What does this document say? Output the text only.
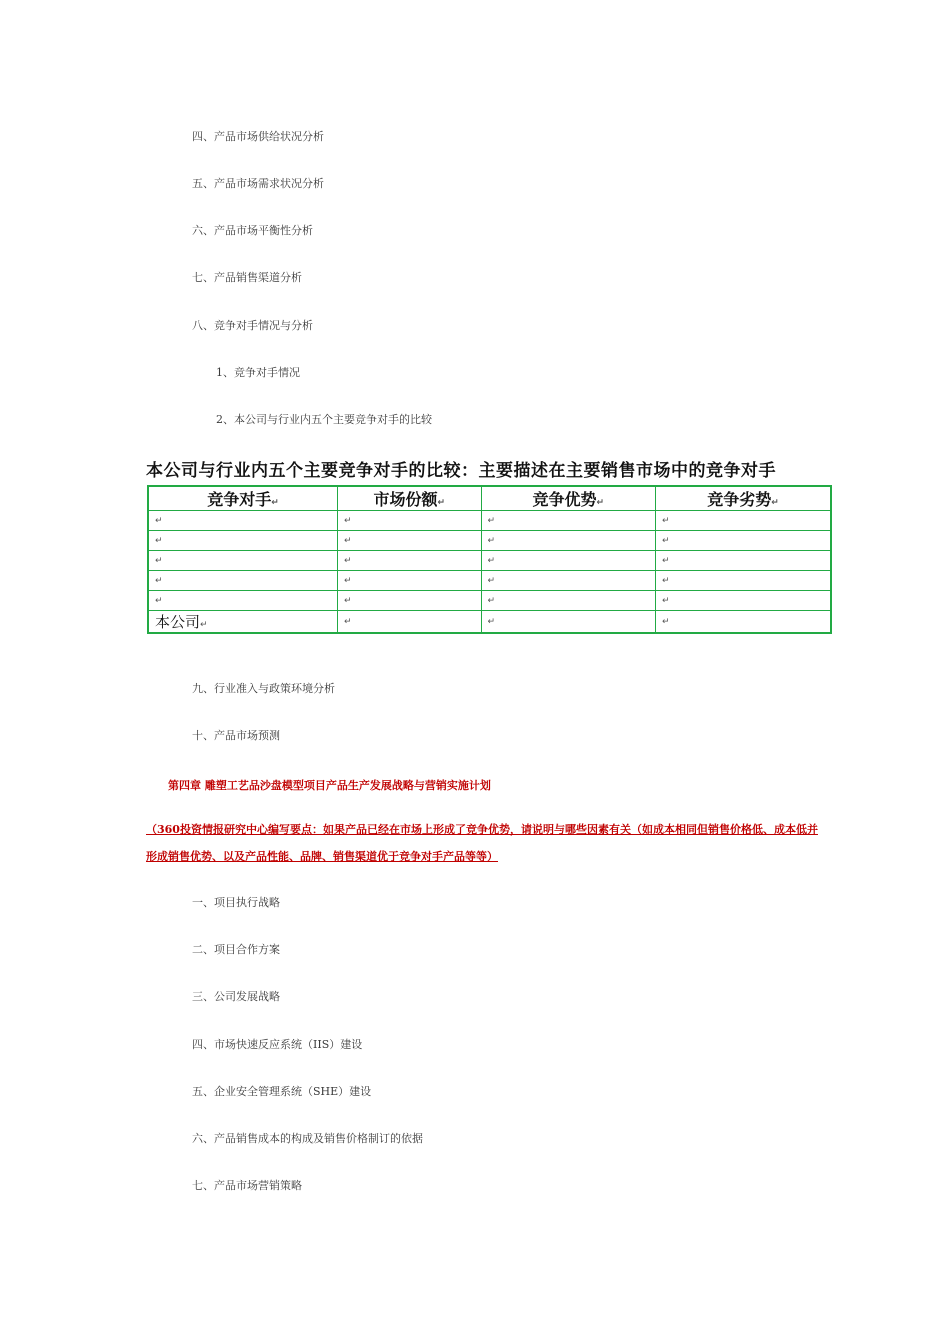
四、产品市场供给状况分析
五、产品市场需求状况分析
六、产品市场平衡性分析
七、产品销售渠道分析
八、竞争对手情况与分析
1、竞争对手情况
2、本公司与行业内五个主要竞争对手的比较
本公司与行业内五个主要竞争对手的比较：主要描述在主要销售市场中的竞争对手
竞争对手↵	市场份额↵	竞争优势↵	竞争劣势↵
↵	↵	↵	↵
↵	↵	↵	↵
↵	↵	↵	↵
↵	↵	↵	↵
↵	↵	↵	↵
本公司↵	↵	↵	↵
九、行业准入与政策环境分析
十、产品市场预测
第四章 雕塑工艺品沙盘模型项目产品生产发展战略与营销实施计划
（360投资情报研究中心编写要点：如果产品已经在市场上形成了竞争优势，请说明与哪些因素有关（如成本相同但销售价格低、成本低并形成销售优势、以及产品性能、品牌、销售渠道优于竞争对手产品等等）
一、项目执行战略
二、项目合作方案
三、公司发展战略
四、市场快速反应系统（IIS）建设
五、企业安全管理系统（SHE）建设
六、产品销售成本的构成及销售价格制订的依据
七、产品市场营销策略
